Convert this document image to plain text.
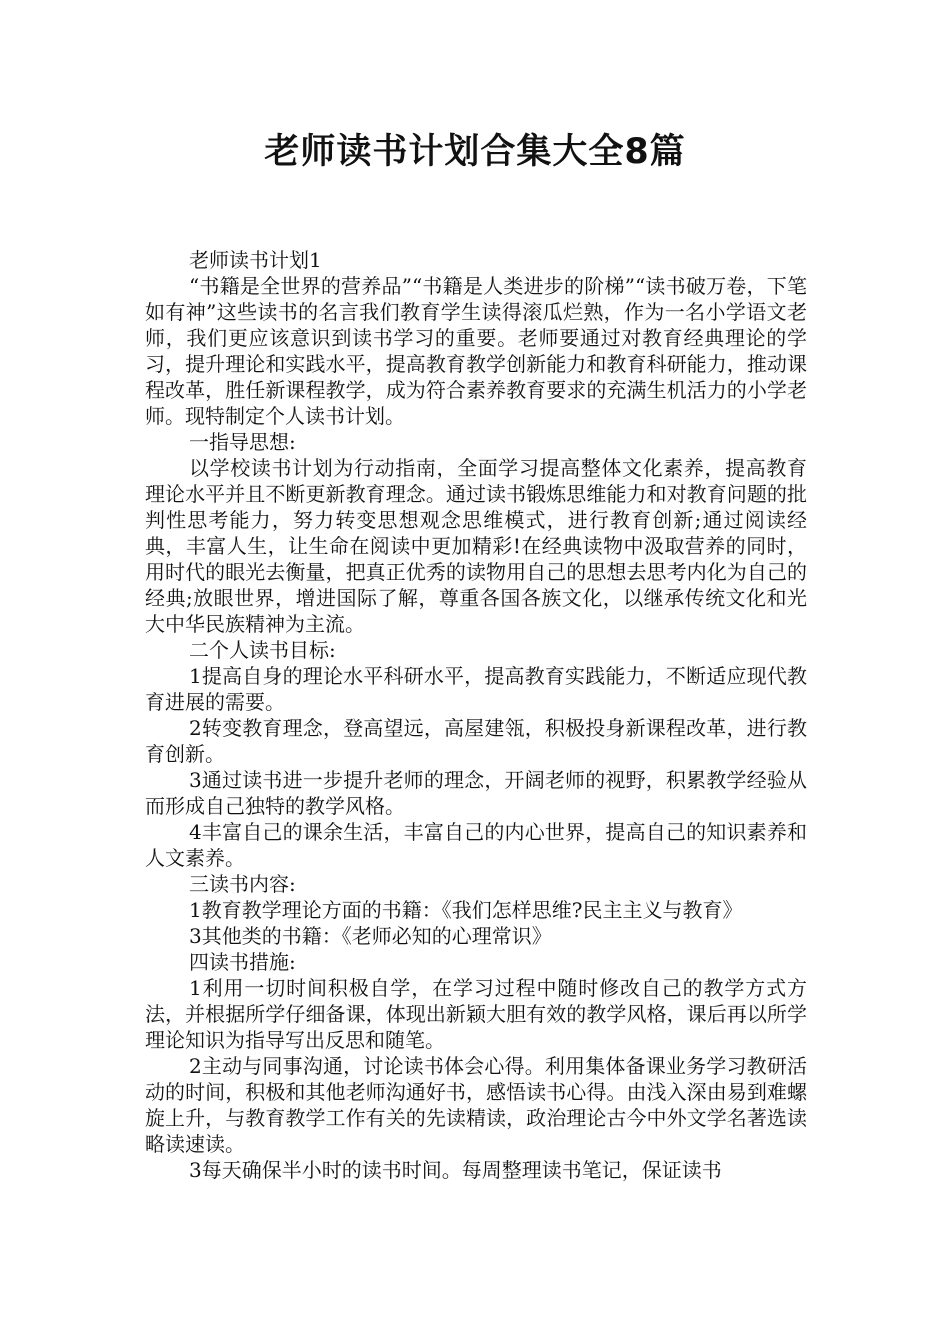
老师读书计划合集大全8篇

老师读书计划1

“书籍是全世界的营养品”“书籍是人类进步的阶梯”“读书破万卷，下笔如有神”这些读书的名言我们教育学生读得滚瓜烂熟，作为一名小学语文老师，我们更应该意识到读书学习的重要。老师要通过对教育经典理论的学习，提升理论和实践水平，提高教育教学创新能力和教育科研能力，推动课程改革，胜任新课程教学，成为符合素养教育要求的充满生机活力的小学老师。现特制定个人读书计划。

一指导思想:

以学校读书计划为行动指南，全面学习提高整体文化素养，提高教育理论水平并且不断更新教育理念。通过读书锻炼思维能力和对教育问题的批判性思考能力，努力转变思想观念思维模式，进行教育创新;通过阅读经典，丰富人生，让生命在阅读中更加精彩!在经典读物中汲取营养的同时，用时代的眼光去衡量，把真正优秀的读物用自己的思想去思考内化为自己的经典;放眼世界，增进国际了解，尊重各国各族文化，以继承传统文化和光大中华民族精神为主流。

二个人读书目标:

1提高自身的理论水平科研水平，提高教育实践能力，不断适应现代教育进展的需要。

2转变教育理念，登高望远，高屋建瓴，积极投身新课程改革，进行教育创新。

3通过读书进一步提升老师的理念，开阔老师的视野，积累教学经验从而形成自己独特的教学风格。

4丰富自己的课余生活，丰富自己的内心世界，提高自己的知识素养和人文素养。

三读书内容:

1教育教学理论方面的书籍：《我们怎样思维?民主主义与教育》

3其他类的书籍：《老师必知的心理常识》

四读书措施:

1利用一切时间积极自学，在学习过程中随时修改自己的教学方式方法，并根据所学仔细备课，体现出新颖大胆有效的教学风格，课后再以所学理论知识为指导写出反思和随笔。

2主动与同事沟通，讨论读书体会心得。利用集体备课业务学习教研活动的时间，积极和其他老师沟通好书，感悟读书心得。由浅入深由易到难螺旋上升，与教育教学工作有关的先读精读，政治理论古今中外文学名著选读略读速读。

3每天确保半小时的读书时间。每周整理读书笔记，保证读书
